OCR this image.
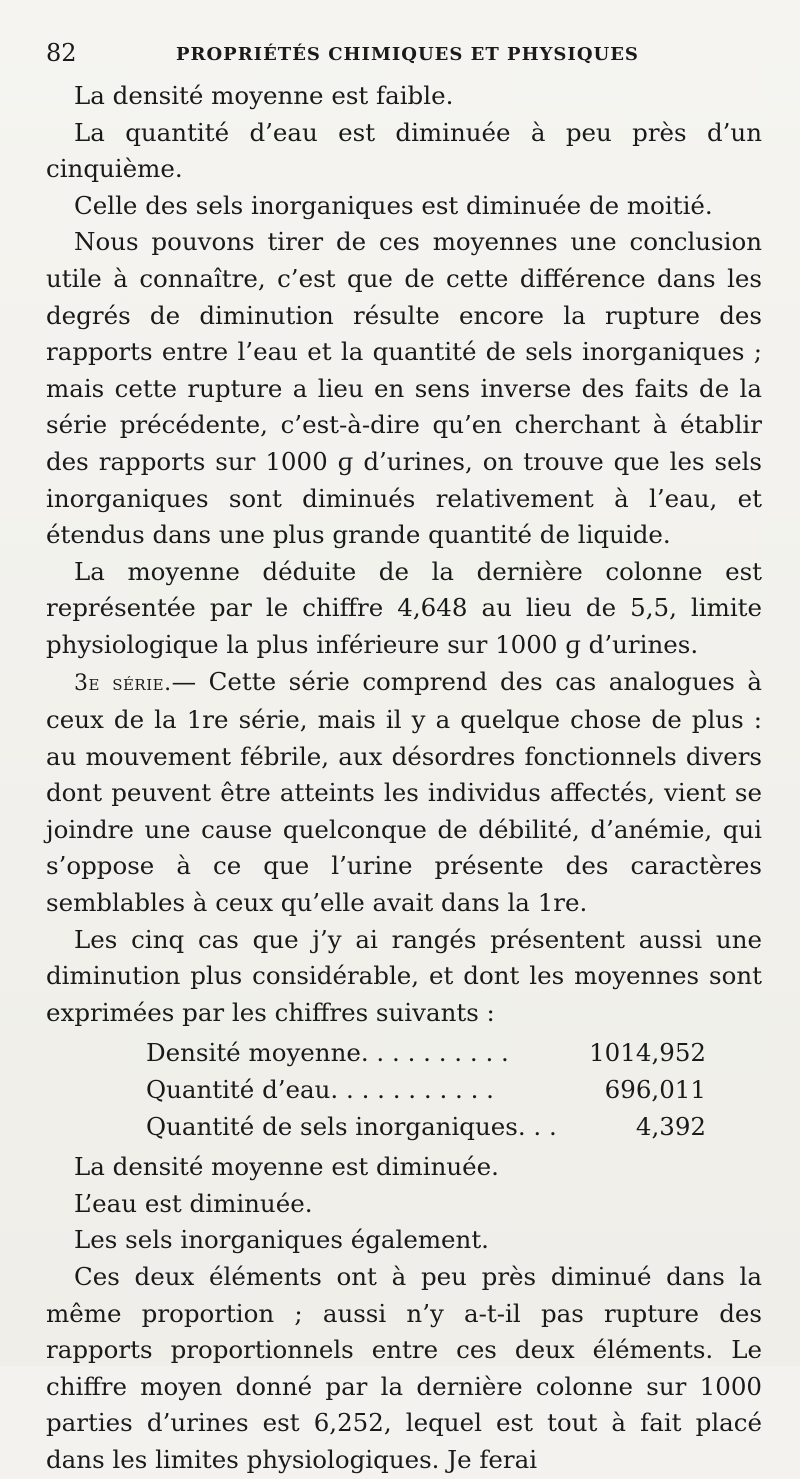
82	PROPRIÉTÉS CHIMIQUES ET PHYSIQUES

La densité moyenne est faible.

La quantité d’eau est diminuée à peu près d’un cinquième.

Celle des sels inorganiques est diminuée de moitié.

Nous pouvons tirer de ces moyennes une conclusion utile à connaître, c’est que de cette différence dans les degrés de diminution résulte encore la rupture des rapports entre l’eau et la quantité de sels inorganiques ; mais cette rupture a lieu en sens inverse des faits de la série précédente, c’est-à-dire qu’en cherchant à établir des rapports sur 1000 ɡ d’urines, on trouve que les sels inorganiques sont diminués relativement à l’eau, et étendus dans une plus grande quantité de liquide.

La moyenne déduite de la dernière colonne est représentée par le chiffre 4,648 au lieu de 5,5, limite physiologique la plus inférieure sur 1000 ɡ d’urines.

3e série.— Cette série comprend des cas analogues à ceux de la 1re série, mais il y a quelque chose de plus : au mouvement fébrile, aux désordres fonctionnels divers dont peuvent être atteints les individus affectés, vient se joindre une cause quelconque de débilité, d’anémie, qui s’oppose à ce que l’urine présente des caractères semblables à ceux qu’elle avait dans la 1re.

Les cinq cas que j’y ai rangés présentent aussi une diminution plus considérable, et dont les moyennes sont exprimées par les chiffres suivants :

Densité moyenne. . . . . . . . . .	1014,952
Quantité d’eau. . . . . . . . . . .	696,011
Quantité de sels inorganiques. . .	4,392

La densité moyenne est diminuée.

L’eau est diminuée.

Les sels inorganiques également.

Ces deux éléments ont à peu près diminué dans la même proportion ; aussi n’y a-t-il pas rupture des rapports proportionnels entre ces deux éléments. Le chiffre moyen donné par la dernière colonne sur 1000 parties d’urines est 6,252, lequel est tout à fait placé dans les limites physiologiques. Je ferai
